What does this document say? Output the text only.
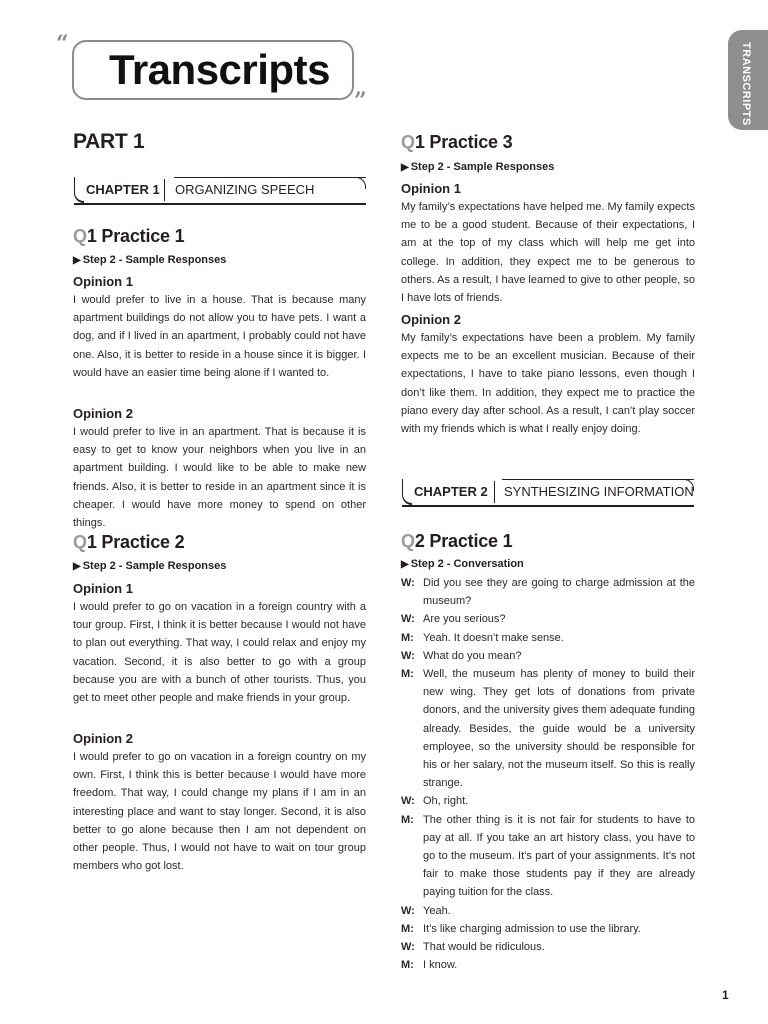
“
Transcripts
”	TRANSCRIPTS
PART 1
CHAPTER 1 ORGANIZING SPEECH
Q1 Practice 1
▶ Step 2 - Sample Responses
Opinion 1

I would prefer to live in a house. That is because many apartment buildings do not allow you to have pets. I want a dog, and if I lived in an apartment, I probably could not have one. Also, it is better to reside in a house since it is bigger. I would have an easier time being alone if I wanted to.

Opinion 2

I would prefer to live in an apartment. That is because it is easy to get to know your neighbors when you live in an apartment building. I would like to be able to make new friends. Also, it is better to reside in an apartment since it is cheaper. I would have more money to spend on other things.

Q1 Practice 2
▶ Step 2 - Sample Responses
Opinion 1

I would prefer to go on vacation in a foreign country with a tour group. First, I think it is better because I would not have to plan out everything. That way, I could relax and enjoy my vacation. Second, it is also better to go with a group because you are with a bunch of other tourists. Thus, you get to meet other people and make friends in your group.

Opinion 2

I would prefer to go on vacation in a foreign country on my own. First, I think this is better because I would have more freedom. That way, I could change my plans if I am in an interesting place and want to stay longer. Second, it is also better to go alone because then I am not dependent on other people. Thus, I would not have to wait on tour group members who got lost.

Q1 Practice 3
▶ Step 2 - Sample Responses
Opinion 1

My family’s expectations have helped me. My family expects me to be a good student. Because of their expectations, I am at the top of my class which will help me get into college. In addition, they expect me to be generous to others. As a result, I have learned to give to other people, so I have lots of friends.

Opinion 2

My family’s expectations have been a problem. My family expects me to be an excellent musician. Because of their expectations, I have to take piano lessons, even though I don’t like them. In addition, they expect me to practice the piano every day after school. As a result, I can’t play soccer with my friends which is what I really enjoy doing.

CHAPTER 2 SYNTHESIZING INFORMATION
Q2 Practice 1
▶ Step 2 - Conversation
W: Did you see they are going to charge admission at the museum?
W: Are you serious?
M: Yeah. It doesn’t make sense.
W: What do you mean?
M: Well, the museum has plenty of money to build their new wing. They get lots of donations from private donors, and the university gives them adequate funding already. Besides, the guide would be a university employee, so the university should be responsible for his or her salary, not the museum itself. So this is really strange.
W: Oh, right.
M: The other thing is it is not fair for students to have to pay at all. If you take an art history class, you have to go to the museum. It’s part of your assignments. It’s not fair to make those students pay if they are already paying tuition for the class.
W: Yeah.
M: It’s like charging admission to use the library.
W: That would be ridiculous.
M: I know.
1
